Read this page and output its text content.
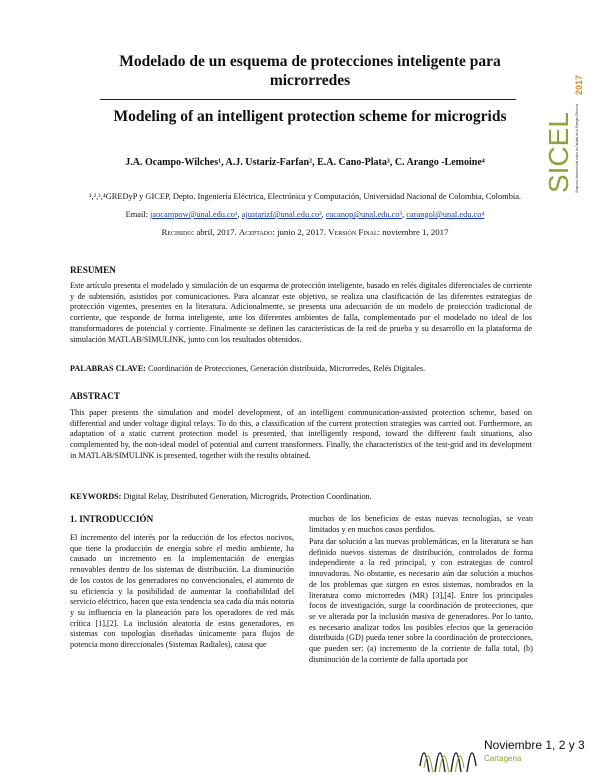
Modelado de un esquema de protecciones inteligente para microrredes
Modeling of an intelligent protection scheme for microgrids
J.A. Ocampo-Wilches¹, A.J. Ustariz-Farfan², E.A. Cano-Plata³, C. Arango -Lemoine⁴
¹,²,³,⁴GREDyP y GICEP, Depto. Ingeniería Eléctrica, Electrónica y Computación, Universidad Nacional de Colombia, Colombia.
Email: jaocampow@unal.edu.co¹, ajustarizf@unal.edu.co², eacanop@unal.edu.co³, carangol@unal.edu.co⁴
Recibido: abril, 2017. Aceptado: junio 2, 2017. Versión Final: noviembre 1, 2017
RESUMEN
Este artículo presenta el modelado y simulación de un esquema de protección inteligente, basado en relés digitales diferenciales de corriente y de subtensión, asistidos por comunicaciones. Para alcanzar este objetivo, se realiza una clasificación de las diferentes estrategias de protección vigentes, presentes en la literatura. Adicionalmente, se presenta una adecuación de un modelo de protección tradicional de corriente, que responde de forma inteligente, ante los diferentes ambientes de falla, complementado por el modelado no ideal de los transformadores de potencial y corriente. Finalmente se definen las características de la red de prueba y su desarrollo en la plataforma de simulación MATLAB/SIMULINK, junto con los resultados obtenidos.
PALABRAS CLAVE: Coordinación de Protecciones, Generación distribuida, Microrredes, Relés Digitales.
ABSTRACT
This paper presents the simulation and model development, of an intelligent communication-assisted protection scheme, based on differential and under voltage digital relays. To do this, a classification of the current protection strategies was carried out. Furthermore, an adaptation of a static current protection model is presented, that intelligently respond, toward the different fault situations, also complemented by, the non-ideal model of potential and current transformers. Finally, the characteristics of the test-grid and its development in MATLAB/SIMULINK is presented, together with the results obtained.
KEYWORDS: Digital Relay, Distributed Generation, Microgrids, Protection Coordination.
1. INTRODUCCIÓN
El incremento del interés por la reducción de los efectos nocivos, que tiene la producción de energía sobre el medio ambiente, ha causado un incremento en la implementación de energías renovables dentro de los sistemas de distribución. La disminución de los costos de los generadores no convencionales, el aumento de su eficiencia y la posibilidad de aumentar la confiabilidad del servicio eléctrico, hacen que esta tendencia sea cada día más notoria y su influencia en la planeación para los operadores de red más crítica [1],[2]. La inclusión aleatoria de estos generadores, en sistemas con topologías diseñadas únicamente para flujos de potencia mono direccionales (Sistemas Radiales), causa que
muchos de los beneficios de estas nuevas tecnologías, se vean limitados y en muchos casos perdidos.
Para dar solución a las nuevas problemáticas, en la literatura se han definido nuevos sistemas de distribución, controlados de forma independiente a la red principal, y con estrategias de control innovadoras. No obstante, es necesario aún dar solución a muchos de los problemas que surgen en estos sistemas, nombrados en la literatura como microrredes (MR) [3],[4]. Entre los principales focos de investigación, surge la coordinación de protecciones, que se ve alterada por la inclusión masiva de generadores. Por lo tanto, es necesario analizar todos los posibles efectos que la generación distribuida (GD) pueda tener sobre la coordinación de protecciones, que pueden ser: (a) incremento de la corriente de falla total, (b) disminución de la corriente de falla aportada por
SICEL
2017
Simposio Internacional sobre la Calidad de la Energía Eléctrica
Noviembre 1, 2 y 3
Cartagena
